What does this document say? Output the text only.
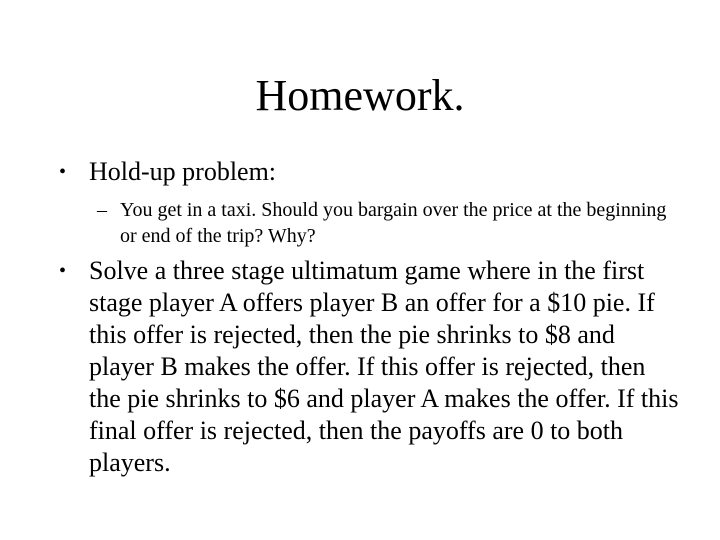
Homework.
• Hold-up problem:
– You get in a taxi. Should you bargain over the price at the beginning or end of the trip? Why?
• Solve a three stage ultimatum game where in the first stage player A offers player B an offer for a $10 pie. If this offer is rejected, then the pie shrinks to $8 and player B makes the offer. If this offer is rejected, then the pie shrinks to $6 and player A makes the offer. If this final offer is rejected, then the payoffs are 0 to both players.
